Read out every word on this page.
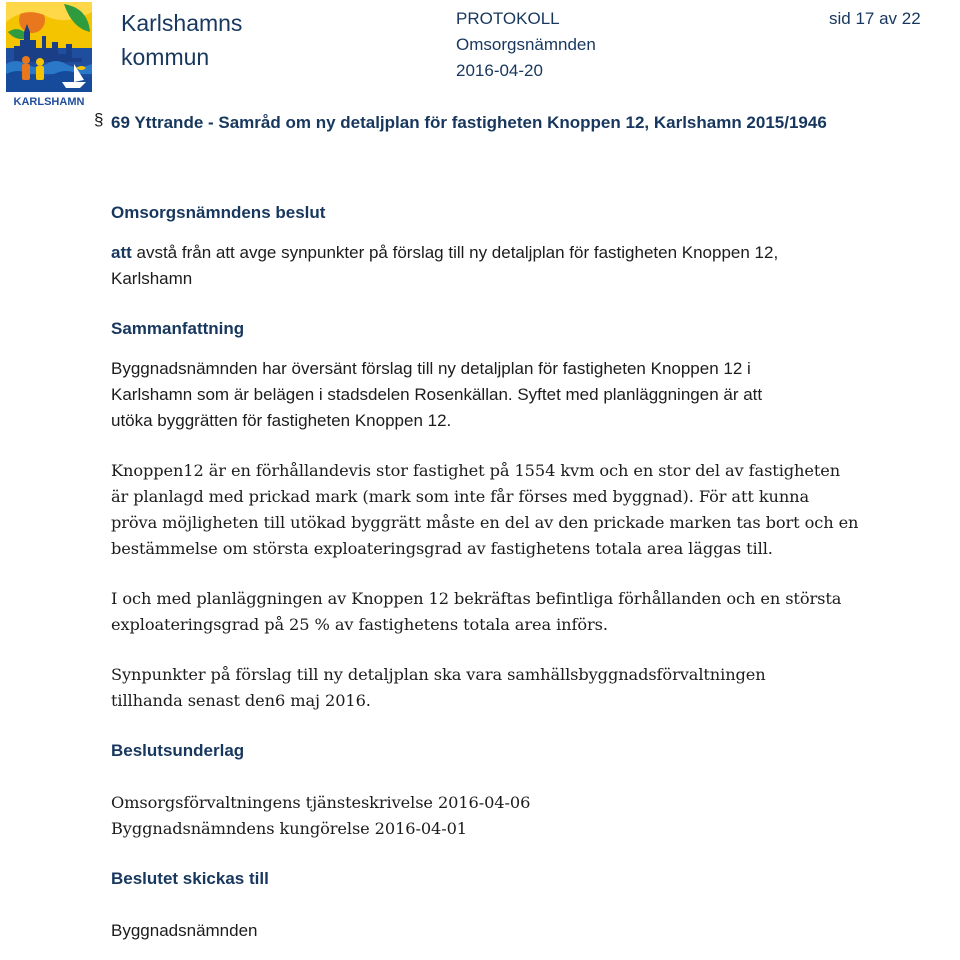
KARLSHAMN
Karlshamns
kommun
PROTOKOLL
Omsorgsnämnden
2016-04-20
sid 17 av 22
§ 69 Yttrande - Samråd om ny detaljplan för fastigheten Knoppen 12, Karlshamn 2015/1946
Omsorgsnämndens beslut

att avstå från att avge synpunkter på förslag till ny detaljplan för fastigheten Knoppen 12,
Karlshamn

Sammanfattning

Byggnadsnämnden har översänt förslag till ny detaljplan för fastigheten Knoppen 12 i
Karlshamn som är belägen i stadsdelen Rosenkällan. Syftet med planläggningen är att
utöka byggrätten för fastigheten Knoppen 12.

Knoppen12 är en förhållandevis stor fastighet på 1554 kvm och en stor del av fastigheten
är planlagd med prickad mark (mark som inte får förses med byggnad). För att kunna
pröva möjligheten till utökad byggrätt måste en del av den prickade marken tas bort och en
bestämmelse om största exploateringsgrad av fastighetens totala area läggas till.

I och med planläggningen av Knoppen 12 bekräftas befintliga förhållanden och en största
exploateringsgrad på 25 % av fastighetens totala area införs.

Synpunkter på förslag till ny detaljplan ska vara samhällsbyggnadsförvaltningen
tillhanda senast den6 maj 2016.

Beslutsunderlag

Omsorgsförvaltningens tjänsteskrivelse 2016-04-06
Byggnadsnämndens kungörelse 2016-04-01

Beslutet skickas till

Byggnadsnämnden
